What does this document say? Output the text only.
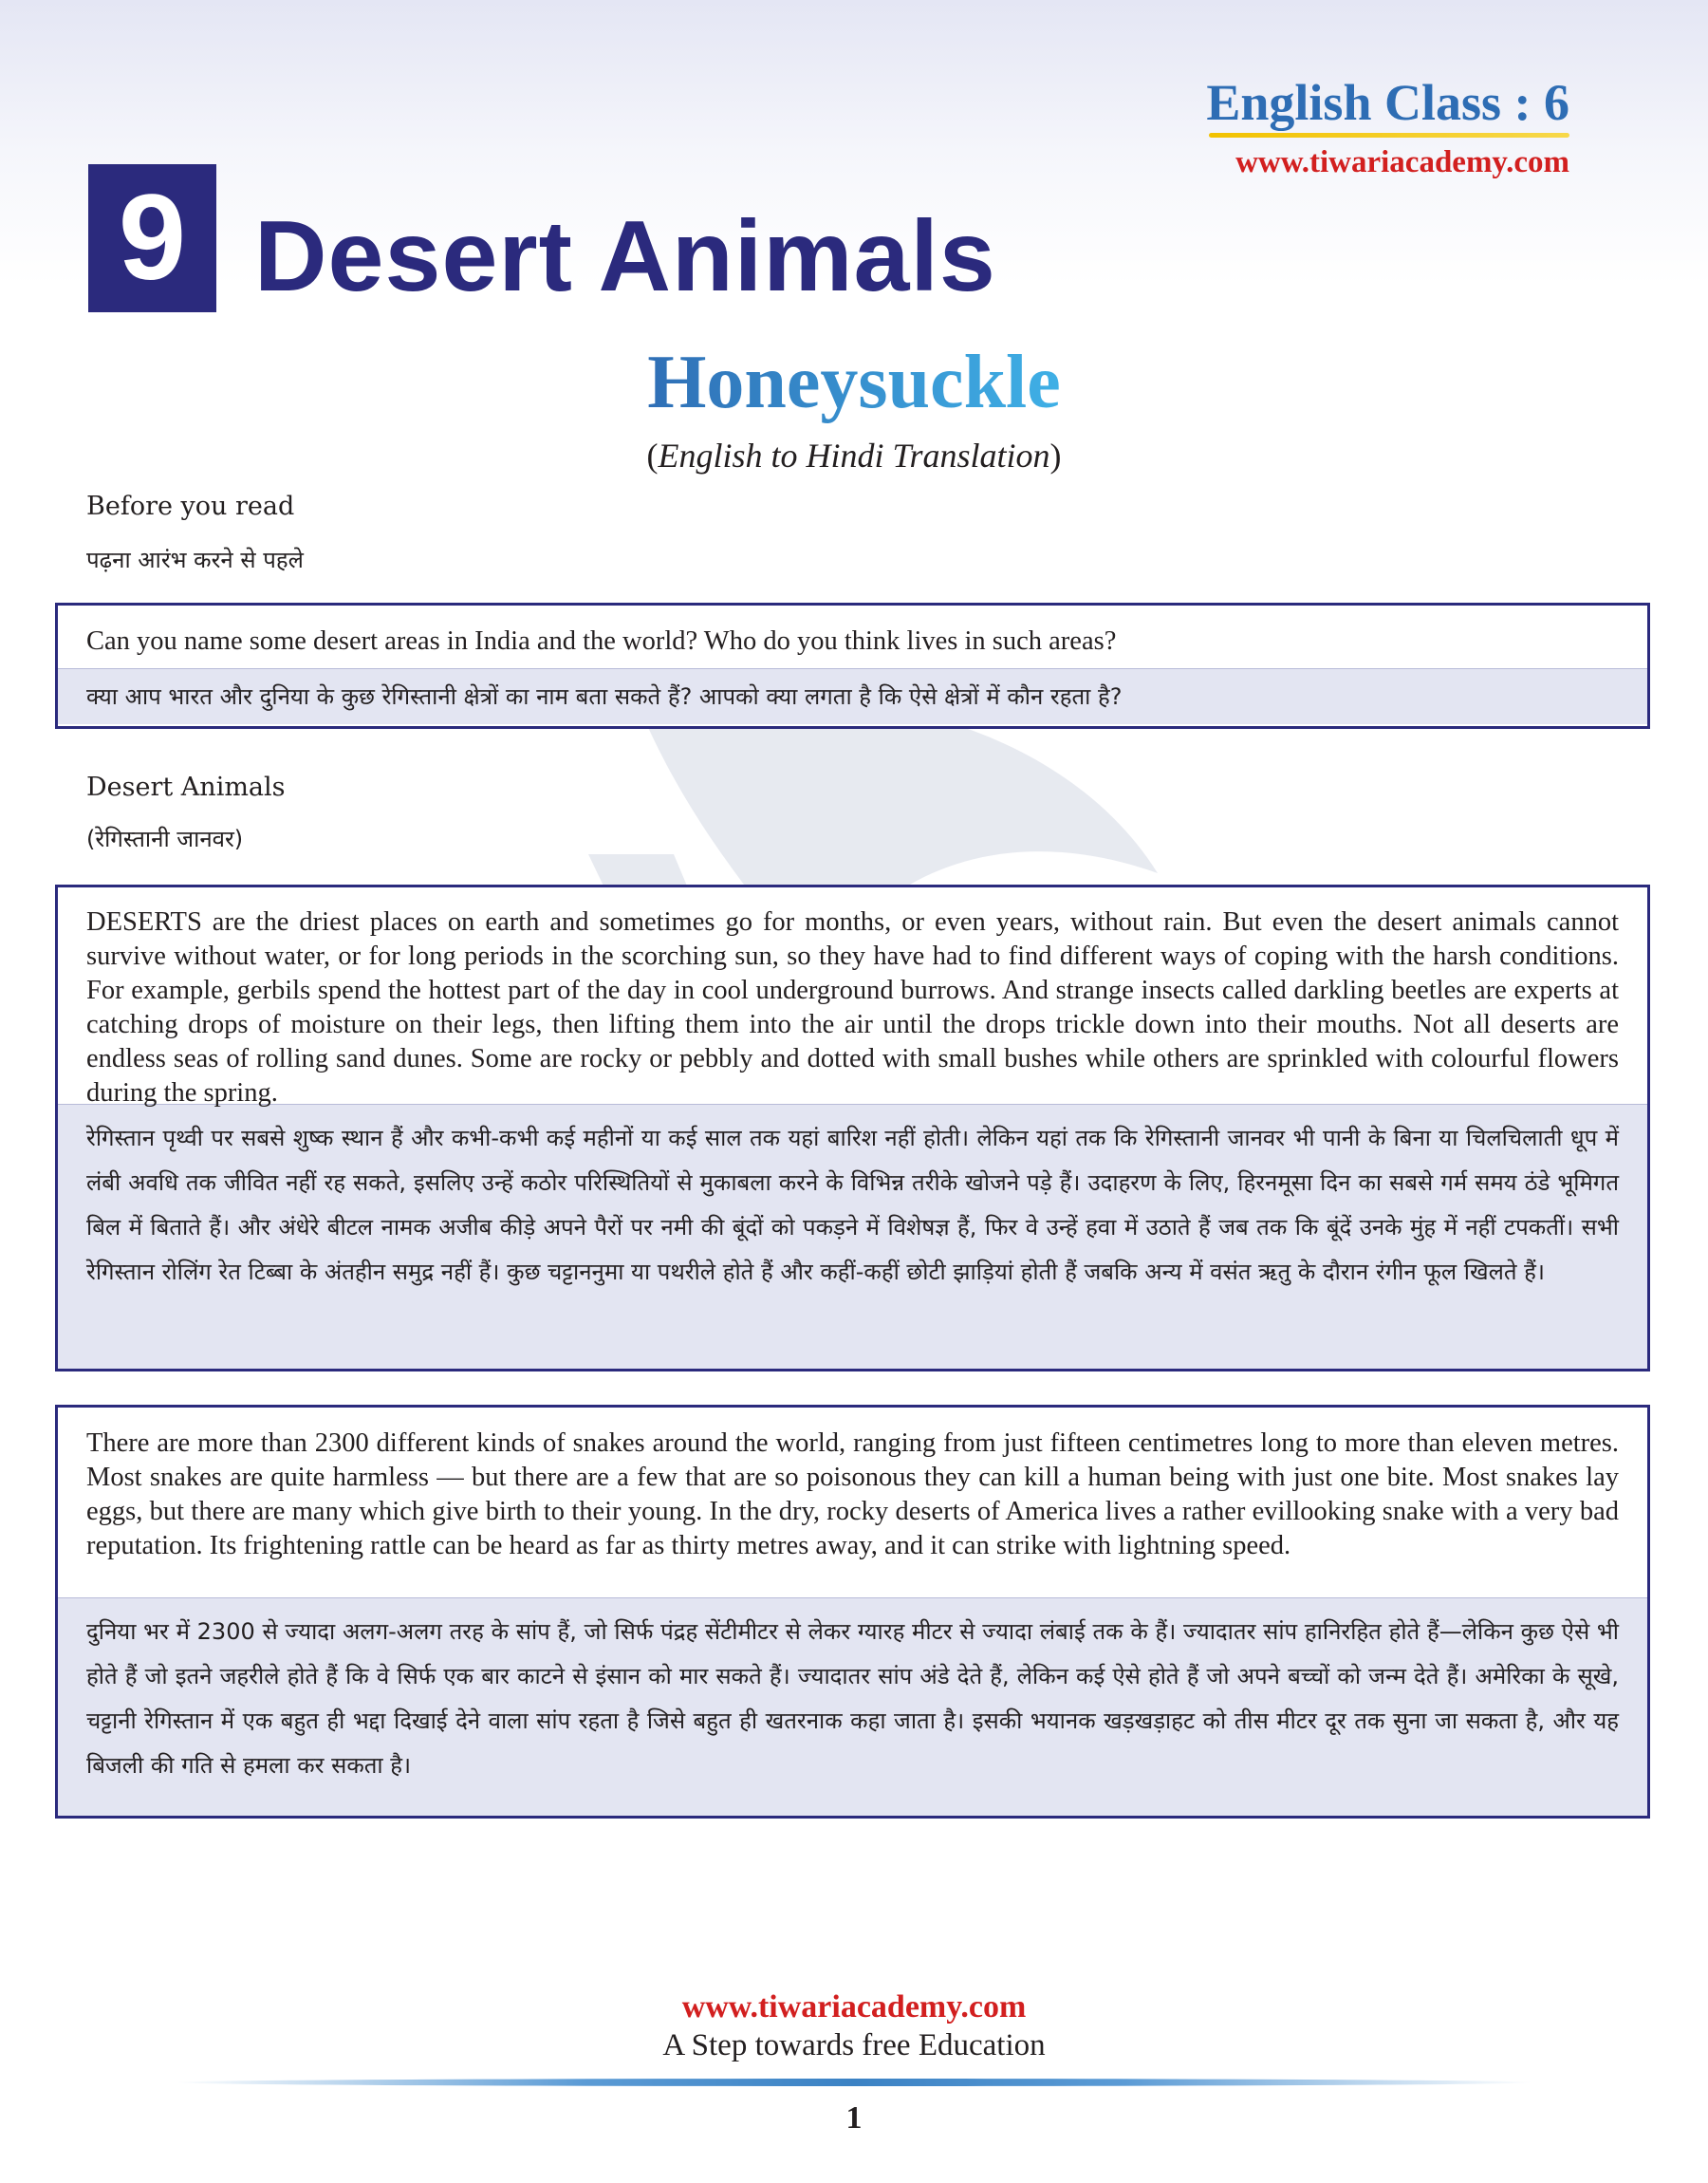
English Class : 6
www.tiwariacademy.com
9 Desert Animals
Honeysuckle
(English to Hindi Translation)
Before you read
पढ़ना आरंभ करने से पहले
Can you name some desert areas in India and the world? Who do you think lives in such areas?
क्या आप भारत और दुनिया के कुछ रेगिस्तानी क्षेत्रों का नाम बता सकते हैं? आपको क्या लगता है कि ऐसे क्षेत्रों में कौन रहता है?
Desert Animals
(रेगिस्तानी जानवर)
DESERTS are the driest places on earth and sometimes go for months, or even years, without rain. But even the desert animals cannot survive without water, or for long periods in the scorching sun, so they have had to find different ways of coping with the harsh conditions. For example, gerbils spend the hottest part of the day in cool underground burrows. And strange insects called darkling beetles are experts at catching drops of moisture on their legs, then lifting them into the air until the drops trickle down into their mouths. Not all deserts are endless seas of rolling sand dunes. Some are rocky or pebbly and dotted with small bushes while others are sprinkled with colourful flowers during the spring.
रेगिस्तान पृथ्वी पर सबसे शुष्क स्थान हैं और कभी-कभी कई महीनों या कई साल तक यहां बारिश नहीं होती। लेकिन यहां तक कि रेगिस्तानी जानवर भी पानी के बिना या चिलचिलाती धूप में लंबी अवधि तक जीवित नहीं रह सकते, इसलिए उन्हें कठोर परिस्थितियों से मुकाबला करने के विभिन्न तरीके खोजने पड़े हैं। उदाहरण के लिए, हिरनमूसा दिन का सबसे गर्म समय ठंडे भूमिगत बिल में बिताते हैं। और अंधेरे बीटल नामक अजीब कीड़े अपने पैरों पर नमी की बूंदों को पकड़ने में विशेषज्ञ हैं, फिर वे उन्हें हवा में उठाते हैं जब तक कि बूंदें उनके मुंह में नहीं टपकतीं। सभी रेगिस्तान रोलिंग रेत टिब्बा के अंतहीन समुद्र नहीं हैं। कुछ चट्टाननुमा या पथरीले होते हैं और कहीं-कहीं छोटी झाड़ियां होती हैं जबकि अन्य में वसंत ऋतु के दौरान रंगीन फूल खिलते हैं।
There are more than 2300 different kinds of snakes around the world, ranging from just fifteen centimetres long to more than eleven metres. Most snakes are quite harmless — but there are a few that are so poisonous they can kill a human being with just one bite. Most snakes lay eggs, but there are many which give birth to their young. In the dry, rocky deserts of America lives a rather evillooking snake with a very bad reputation. Its frightening rattle can be heard as far as thirty metres away, and it can strike with lightning speed.
दुनिया भर में 2300 से ज्यादा अलग-अलग तरह के सांप हैं, जो सिर्फ पंद्रह सेंटीमीटर से लेकर ग्यारह मीटर से ज्यादा लंबाई तक के हैं। ज्यादातर सांप हानिरहित होते हैं—लेकिन कुछ ऐसे भी होते हैं जो इतने जहरीले होते हैं कि वे सिर्फ एक बार काटने से इंसान को मार सकते हैं। ज्यादातर सांप अंडे देते हैं, लेकिन कई ऐसे होते हैं जो अपने बच्चों को जन्म देते हैं। अमेरिका के सूखे, चट्टानी रेगिस्तान में एक बहुत ही भद्दा दिखाई देने वाला सांप रहता है जिसे बहुत ही खतरनाक कहा जाता है। इसकी भयानक खड़खड़ाहट को तीस मीटर दूर तक सुना जा सकता है, और यह बिजली की गति से हमला कर सकता है।
www.tiwariacademy.com
A Step towards free Education
1
